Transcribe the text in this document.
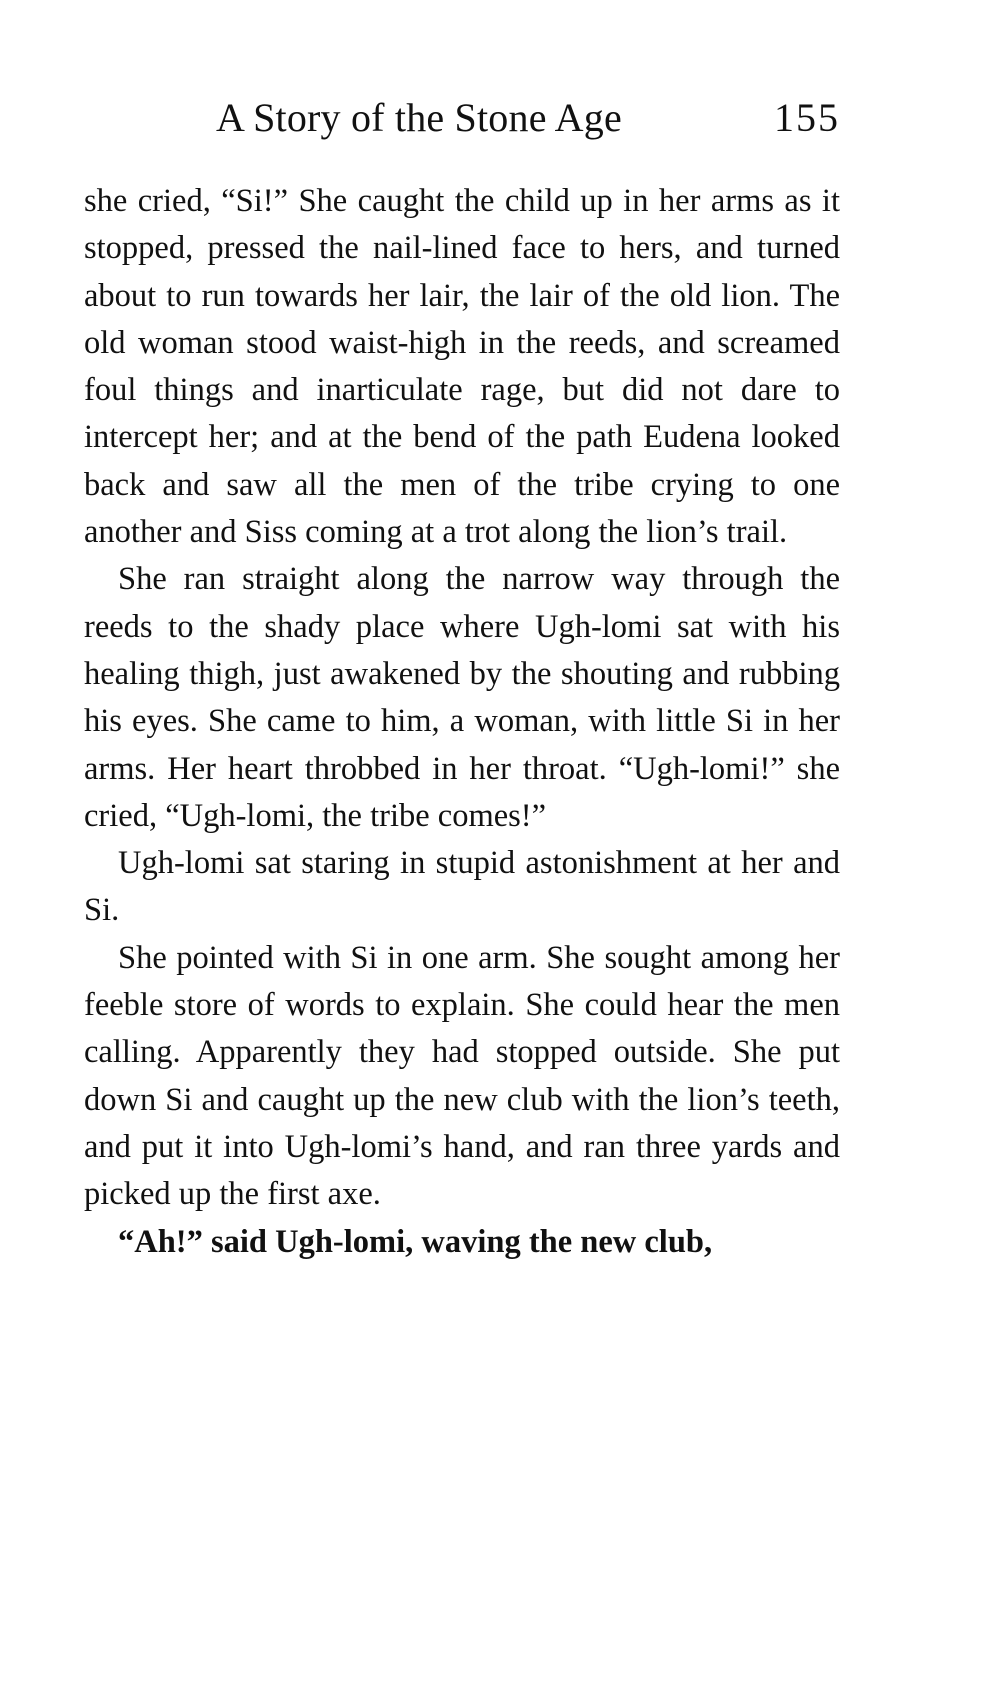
A Story of the Stone Age	155

she cried, “Si!” She caught the child up in her arms as it stopped, pressed the nail-lined face to hers, and turned about to run towards her lair, the lair of the old lion. The old woman stood waist-high in the reeds, and screamed foul things and inarticulate rage, but did not dare to intercept her; and at the bend of the path Eudena looked back and saw all the men of the tribe crying to one another and Siss coming at a trot along the lion’s trail.

She ran straight along the narrow way through the reeds to the shady place where Ugh-lomi sat with his healing thigh, just awakened by the shouting and rubbing his eyes. She came to him, a woman, with little Si in her arms. Her heart throbbed in her throat. “Ugh-lomi!” she cried, “Ugh-lomi, the tribe comes!”

Ugh-lomi sat staring in stupid astonishment at her and Si.

She pointed with Si in one arm. She sought among her feeble store of words to explain. She could hear the men calling. Apparently they had stopped outside. She put down Si and caught up the new club with the lion’s teeth, and put it into Ugh-lomi’s hand, and ran three yards and picked up the first axe.

“Ah!” said Ugh-lomi, waving the new club,
